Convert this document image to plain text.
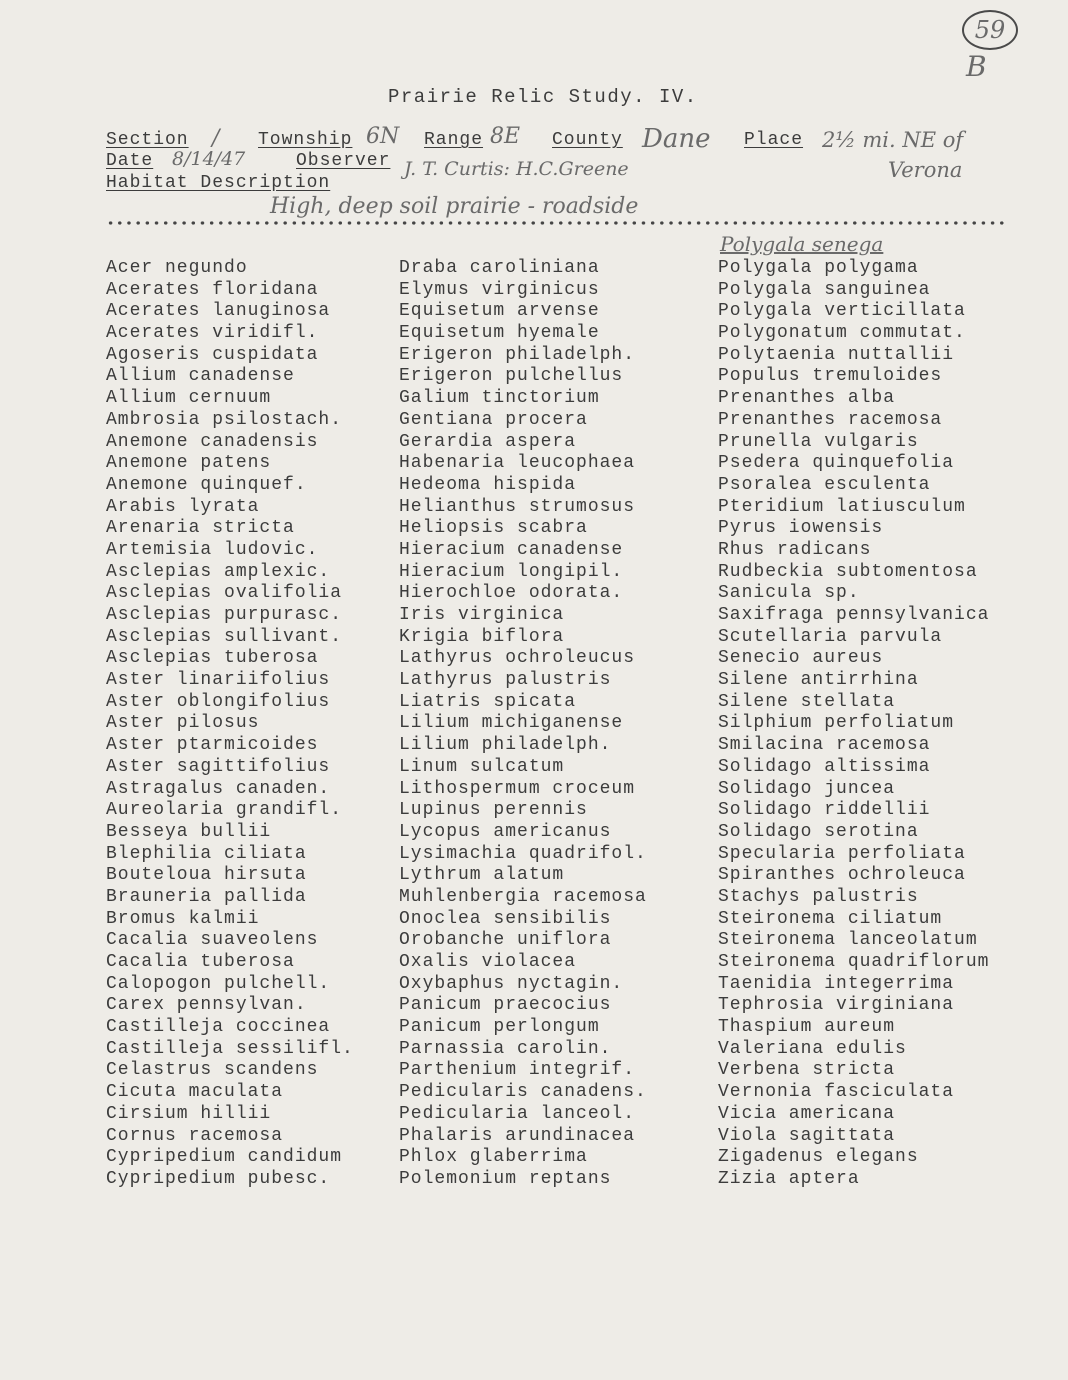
59
B
Prairie Relic Study. IV.
Section / Township 6N Range 8E County Dane Place 2½ mi. NE of
Verona
Date 8/14/47	Observer J. T. Curtis: H.C.Greene
Habitat Description
High, deep soil prairie - roadside
Polygala senega
Acer negundo
Acerates floridana
Acerates lanuginosa
Acerates viridifl.
Agoseris cuspidata
Allium canadense
Allium cernuum
Ambrosia psilostach.
Anemone canadensis
Anemone patens
Anemone quinquef.
Arabis lyrata
Arenaria stricta
Artemisia ludovic.
Asclepias amplexic.
Asclepias ovalifolia
Asclepias purpurasc.
Asclepias sullivant.
Asclepias tuberosa
Aster linariifolius
Aster oblongifolius
Aster pilosus
Aster ptarmicoides
Aster sagittifolius
Astragalus canaden.
Aureolaria grandifl.
Besseya bullii
Blephilia ciliata
Bouteloua hirsuta
Brauneria pallida
Bromus kalmii
Cacalia suaveolens
Cacalia tuberosa
Calopogon pulchell.
Carex pennsylvan.
Castilleja coccinea
Castilleja sessilifl.
Celastrus scandens
Cicuta maculata
Cirsium hillii
Cornus racemosa
Cypripedium candidum
Cypripedium pubesc.
Draba caroliniana
Elymus virginicus
Equisetum arvense
Equisetum hyemale
Erigeron philadelph.
Erigeron pulchellus
Galium tinctorium
Gentiana procera
Gerardia aspera
Habenaria leucophaea
Hedeoma hispida
Helianthus strumosus
Heliopsis scabra
Hieracium canadense
Hieracium longipil.
Hierochloe odorata.
Iris virginica
Krigia biflora
Lathyrus ochroleucus
Lathyrus palustris
Liatris spicata
Lilium michiganense
Lilium philadelph.
Linum sulcatum
Lithospermum croceum
Lupinus perennis
Lycopus americanus
Lysimachia quadrifol.
Lythrum alatum
Muhlenbergia racemosa
Onoclea sensibilis
Orobanche uniflora
Oxalis violacea
Oxybaphus nyctagin.
Panicum praecocius
Panicum perlongum
Parnassia carolin.
Parthenium integrif.
Pedicularis canadens.
Pedicularia lanceol.
Phalaris arundinacea
Phlox glaberrima
Polemonium reptans
Polygala polygama
Polygala sanguinea
Polygala verticillata
Polygonatum commutat.
Polytaenia nuttallii
Populus tremuloides
Prenanthes alba
Prenanthes racemosa
Prunella vulgaris
Psedera quinquefolia
Psoralea esculenta
Pteridium latiusculum
Pyrus iowensis
Rhus radicans
Rudbeckia subtomentosa
Sanicula sp.
Saxifraga pennsylvanica
Scutellaria parvula
Senecio aureus
Silene antirrhina
Silene stellata
Silphium perfoliatum
Smilacina racemosa
Solidago altissima
Solidago juncea
Solidago riddellii
Solidago serotina
Specularia perfoliata
Spiranthes ochroleuca
Stachys palustris
Steironema ciliatum
Steironema lanceolatum
Steironema quadriflorum
Taenidia integerrima
Tephrosia virginiana
Thaspium aureum
Valeriana edulis
Verbena stricta
Vernonia fasciculata
Vicia americana
Viola sagittata
Zigadenus elegans
Zizia aptera
